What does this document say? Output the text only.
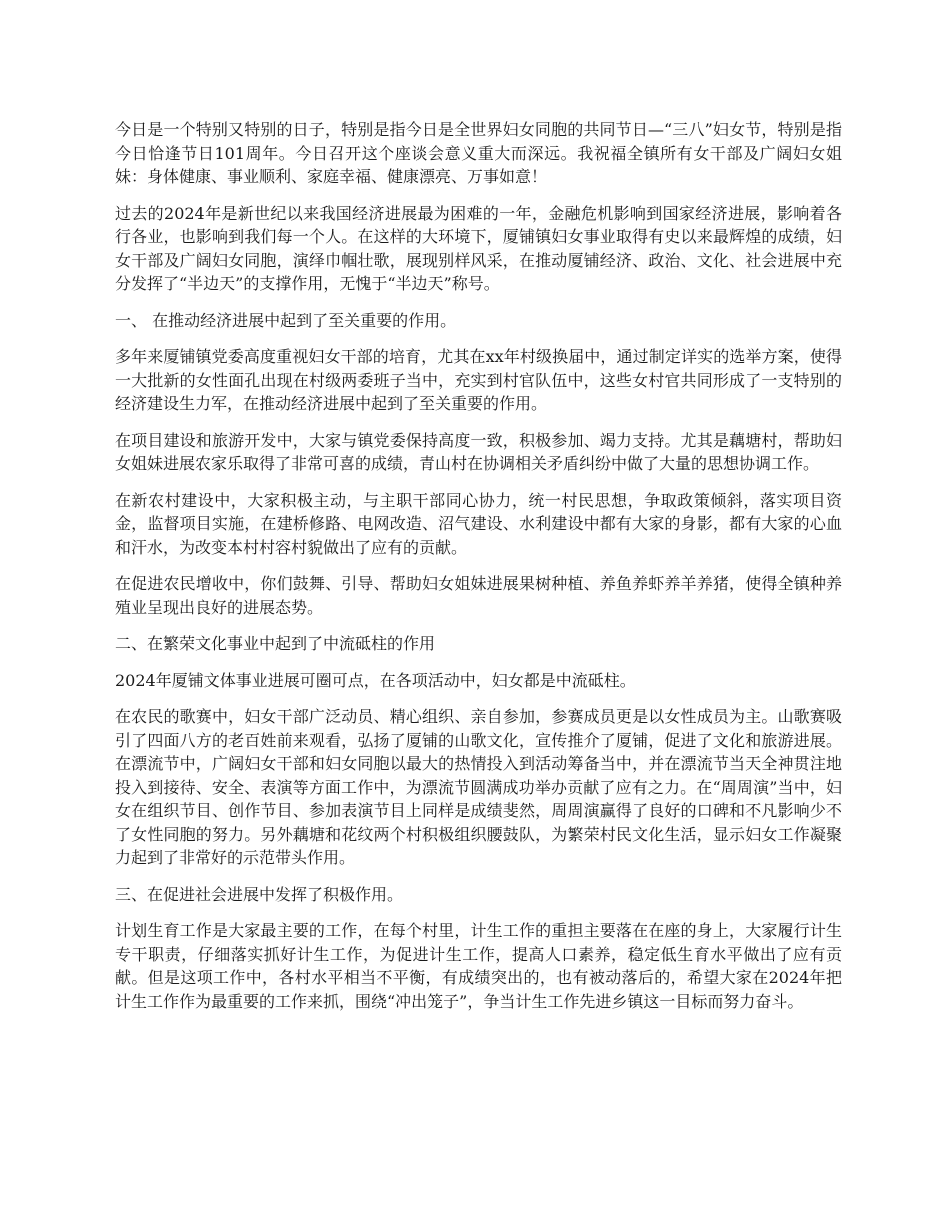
今日是一个特别又特别的日子，特别是指今日是全世界妇女同胞的共同节日—“三八”妇女节，特别是指今日恰逢节日101周年。今日召开这个座谈会意义重大而深远。我祝福全镇所有女干部及广阔妇女姐妹：身体健康、事业顺利、家庭幸福、健康漂亮、万事如意！

过去的2024年是新世纪以来我国经济进展最为困难的一年，金融危机影响到国家经济进展，影响着各行各业，也影响到我们每一个人。在这样的大环境下，厦铺镇妇女事业取得有史以来最辉煌的成绩，妇女干部及广阔妇女同胞，演绎巾帼壮歌，展现别样风采，在推动厦铺经济、政治、文化、社会进展中充分发挥了“半边天”的支撑作用，无愧于“半边天”称号。

一、 在推动经济进展中起到了至关重要的作用。

多年来厦铺镇党委高度重视妇女干部的培育，尤其在xx年村级换届中，通过制定详实的选举方案，使得一大批新的女性面孔出现在村级两委班子当中，充实到村官队伍中，这些女村官共同形成了一支特别的经济建设生力军，在推动经济进展中起到了至关重要的作用。

在项目建设和旅游开发中，大家与镇党委保持高度一致，积极参加、竭力支持。尤其是藕塘村，帮助妇女姐妹进展农家乐取得了非常可喜的成绩，青山村在协调相关矛盾纠纷中做了大量的思想协调工作。

在新农村建设中，大家积极主动，与主职干部同心协力，统一村民思想，争取政策倾斜，落实项目资金，监督项目实施，在建桥修路、电网改造、沼气建设、水利建设中都有大家的身影，都有大家的心血和汗水，为改变本村村容村貌做出了应有的贡献。

在促进农民增收中，你们鼓舞、引导、帮助妇女姐妹进展果树种植、养鱼养虾养羊养猪，使得全镇种养殖业呈现出良好的进展态势。

二、在繁荣文化事业中起到了中流砥柱的作用

2024年厦铺文体事业进展可圈可点，在各项活动中，妇女都是中流砥柱。

在农民的歌赛中，妇女干部广泛动员、精心组织、亲自参加，参赛成员更是以女性成员为主。山歌赛吸引了四面八方的老百姓前来观看，弘扬了厦铺的山歌文化，宣传推介了厦铺，促进了文化和旅游进展。在漂流节中，广阔妇女干部和妇女同胞以最大的热情投入到活动筹备当中，并在漂流节当天全神贯注地投入到接待、安全、表演等方面工作中，为漂流节圆满成功举办贡献了应有之力。在“周周演”当中，妇女在组织节目、创作节目、参加表演节目上同样是成绩斐然，周周演赢得了良好的口碑和不凡影响少不了女性同胞的努力。另外藕塘和花纹两个村积极组织腰鼓队，为繁荣村民文化生活，显示妇女工作凝聚力起到了非常好的示范带头作用。

三、在促进社会进展中发挥了积极作用。

计划生育工作是大家最主要的工作，在每个村里，计生工作的重担主要落在在座的身上，大家履行计生专干职责，仔细落实抓好计生工作，为促进计生工作，提高人口素养，稳定低生育水平做出了应有贡献。但是这项工作中，各村水平相当不平衡，有成绩突出的，也有被动落后的，希望大家在2024年把计生工作作为最重要的工作来抓，围绕“冲出笼子”，争当计生工作先进乡镇这一目标而努力奋斗。
